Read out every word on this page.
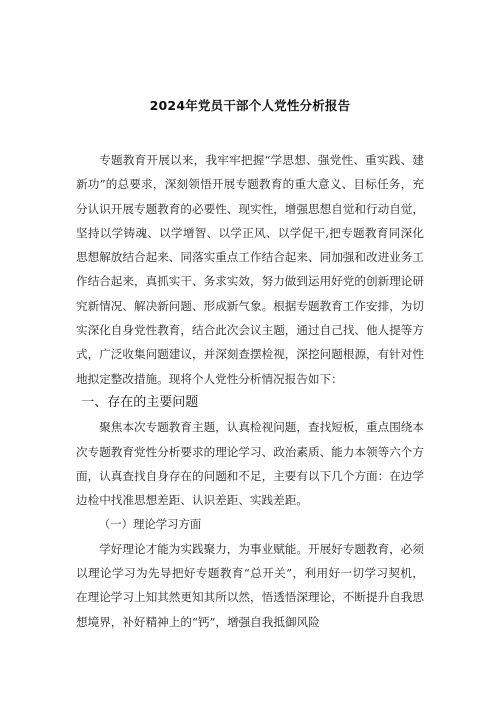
2024年党员干部个人党性分析报告

专题教育开展以来，我牢牢把握“学思想、强党性、重实践、建新功”的总要求，深刻领悟开展专题教育的重大意义、目标任务，充分认识开展专题教育的必要性、现实性，增强思想自觉和行动自觉，坚持以学铸魂、以学增智、以学正风、以学促干,把专题教育同深化思想解放结合起来、同落实重点工作结合起来、同加强和改进业务工作结合起来，真抓实干、务求实效，努力做到运用好党的创新理论研究新情况、解决新问题、形成新气象。根据专题教育工作安排，为切实深化自身党性教育，结合此次会议主题，通过自己找、他人提等方式，广泛收集问题建议，并深刻查摆检视，深挖问题根源，有针对性地拟定整改措施。现将个人党性分析情况报告如下：

一、存在的主要问题

聚焦本次专题教育主题，认真检视问题，查找短板，重点围绕本次专题教育党性分析要求的理论学习、政治素质、能力本领等六个方面，认真查找自身存在的问题和不足，主要有以下几个方面：在边学边检中找准思想差距、认识差距、实践差距。

（一）理论学习方面

学好理论才能为实践聚力，为事业赋能。开展好专题教育，必须以理论学习为先导把好专题教育“总开关”，利用好一切学习契机，在理论学习上知其然更知其所以然，悟透悟深理论，不断提升自我思想境界，补好精神上的“钙”，增强自我抵御风险
